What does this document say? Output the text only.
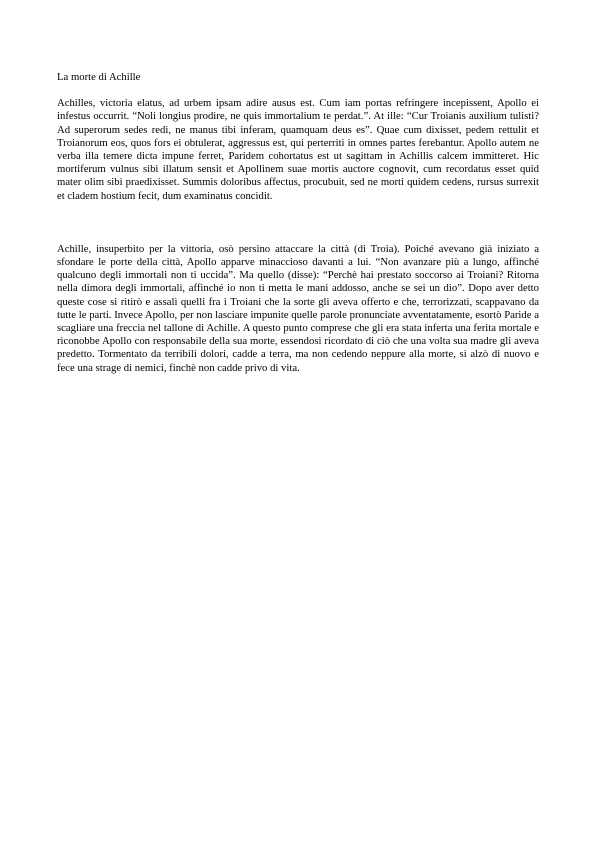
La morte di Achille

Achilles, victoria elatus, ad urbem ipsam adire ausus est. Cum iam portas refringere incepissent, Apollo ei infestus occurrit. “Noli longius prodire, ne quis immortalium te perdat.”. At ille: “Cur Troianis auxilium tulisti? Ad superorum sedes redi, ne manus tibi inferam, quamquam deus es”. Quae cum dixisset, pedem rettulit et Troianorum eos, quos fors ei obtulerat, aggressus est, qui perterriti in omnes partes ferebantur. Apollo autem ne verba illa temere dicta impune ferret, Paridem cohortatus est ut sagittam in Achillis calcem immitteret. Hic mortiferum vulnus sibi illatum sensit et Apollinem suae mortis auctore cognovit, cum recordatus esset quid mater olim sibi praedixisset. Summis doloribus affectus, procubuit, sed ne morti quidem cedens, rursus surrexit et cladem hostium fecit, dum examinatus concidit.

Achille, insuperbito per la vittoria, osò persino attaccare la città (di Troia). Poiché avevano già iniziato a sfondare le porte della città, Apollo apparve minaccioso davanti a lui. “Non avanzare più a lungo, affinché qualcuno degli immortali non ti uccida”. Ma quello (disse): “Perchè hai prestato soccorso ai Troiani? Ritorna nella dimora degli immortali, affinché io non ti metta le mani addosso, anche se sei un dio”. Dopo aver detto queste cose si ritirò e assalì quelli fra i Troiani che la sorte gli aveva offerto e che, terrorizzati, scappavano da tutte le parti. Invece Apollo, per non lasciare impunite quelle parole pronunciate avventatamente, esortò Paride a scagliare una freccia nel tallone di Achille. A questo punto comprese che gli era stata inferta una ferita mortale e riconobbe Apollo con responsabile della sua morte, essendosi ricordato di ciò che una volta sua madre gli aveva predetto. Tormentato da terribili dolori, cadde a terra, ma non cedendo neppure alla morte, si alzò di nuovo e fece una strage di nemici, finchè non cadde privo di vita.
